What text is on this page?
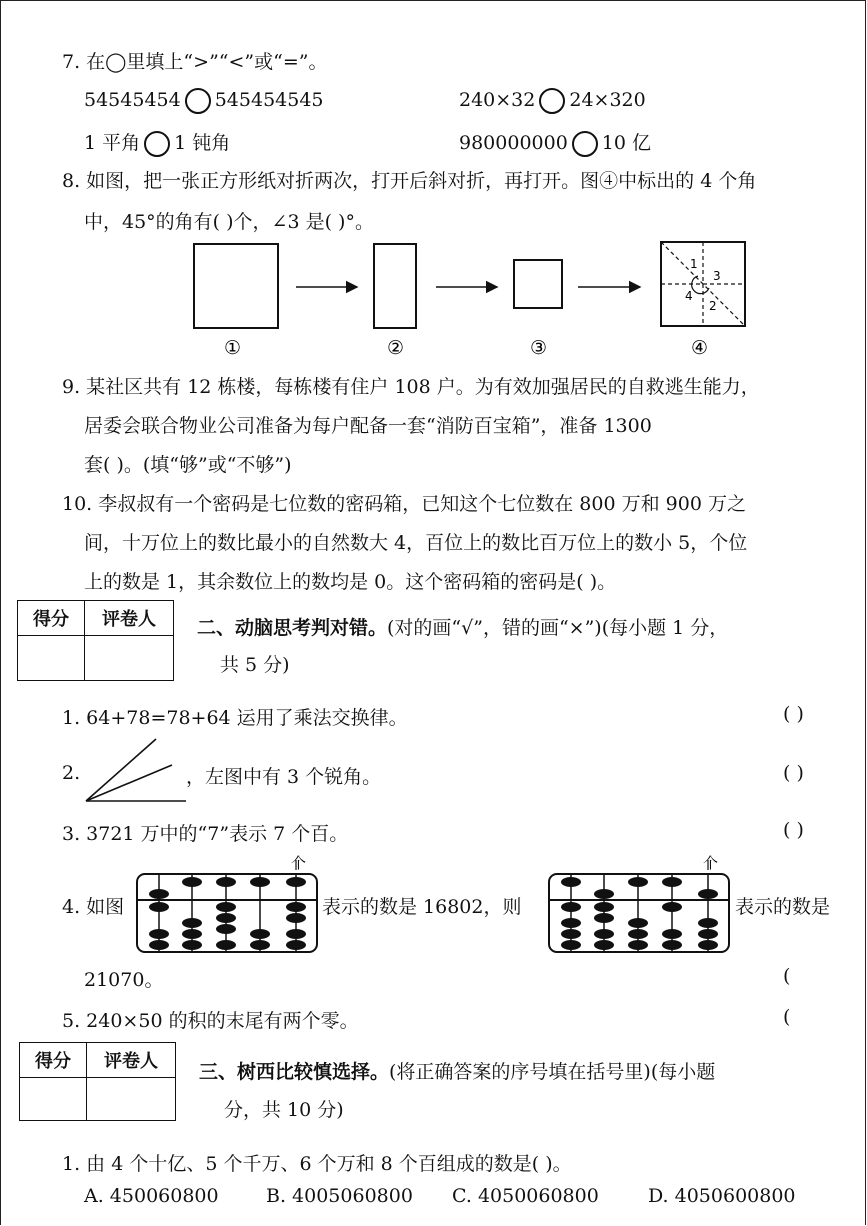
7. 在◯里填上“>”“<”或“=”。
54545454 545454545	240×32 24×320
1 平角 1 钝角	980000000 10 亿
8. 如图，把一张正方形纸对折两次，打开后斜对折，再打开。图④中标出的 4 个角
中，45°的角有( )个，∠3 是( )°。
1
2
3
4
①	②	③	④
9. 某社区共有 12 栋楼，每栋楼有住户 108 户。为有效加强居民的自救逃生能力，
居委会联合物业公司准备为每户配备一套“消防百宝箱”，准备 1300
套( )。(填“够”或“不够”)
10. 李叔叔有一个密码是七位数的密码箱，已知这个七位数在 800 万和 900 万之
间，十万位上的数比最小的自然数大 4，百位上的数比百万位上的数小 5，个位
上的数是 1，其余数位上的数均是 0。这个密码箱的密码是( )。
得分	评卷人
	二、动脑思考判对错。(对的画“√”，错的画“×”)(每小题 1 分，
共 5 分)
1. 64+78=78+64 运用了乘法交换律。	( )
2.	，左图中有 3 个锐角。	( )
3. 3721 万中的“7”表示 7 个百。	( )
4. 如图
个
表示的数是 16802，则
个
表示的数是
21070。	(
5. 240×50 的积的末尾有两个零。	(
得分	评卷人
	三、树西比较慎选择。(将正确答案的序号填在括号里)(每小题
分，共 10 分)
1. 由 4 个十亿、5 个千万、6 个万和 8 个百组成的数是( )。
A. 450060800 B. 4005060800 C. 4050060800	D. 4050600800
